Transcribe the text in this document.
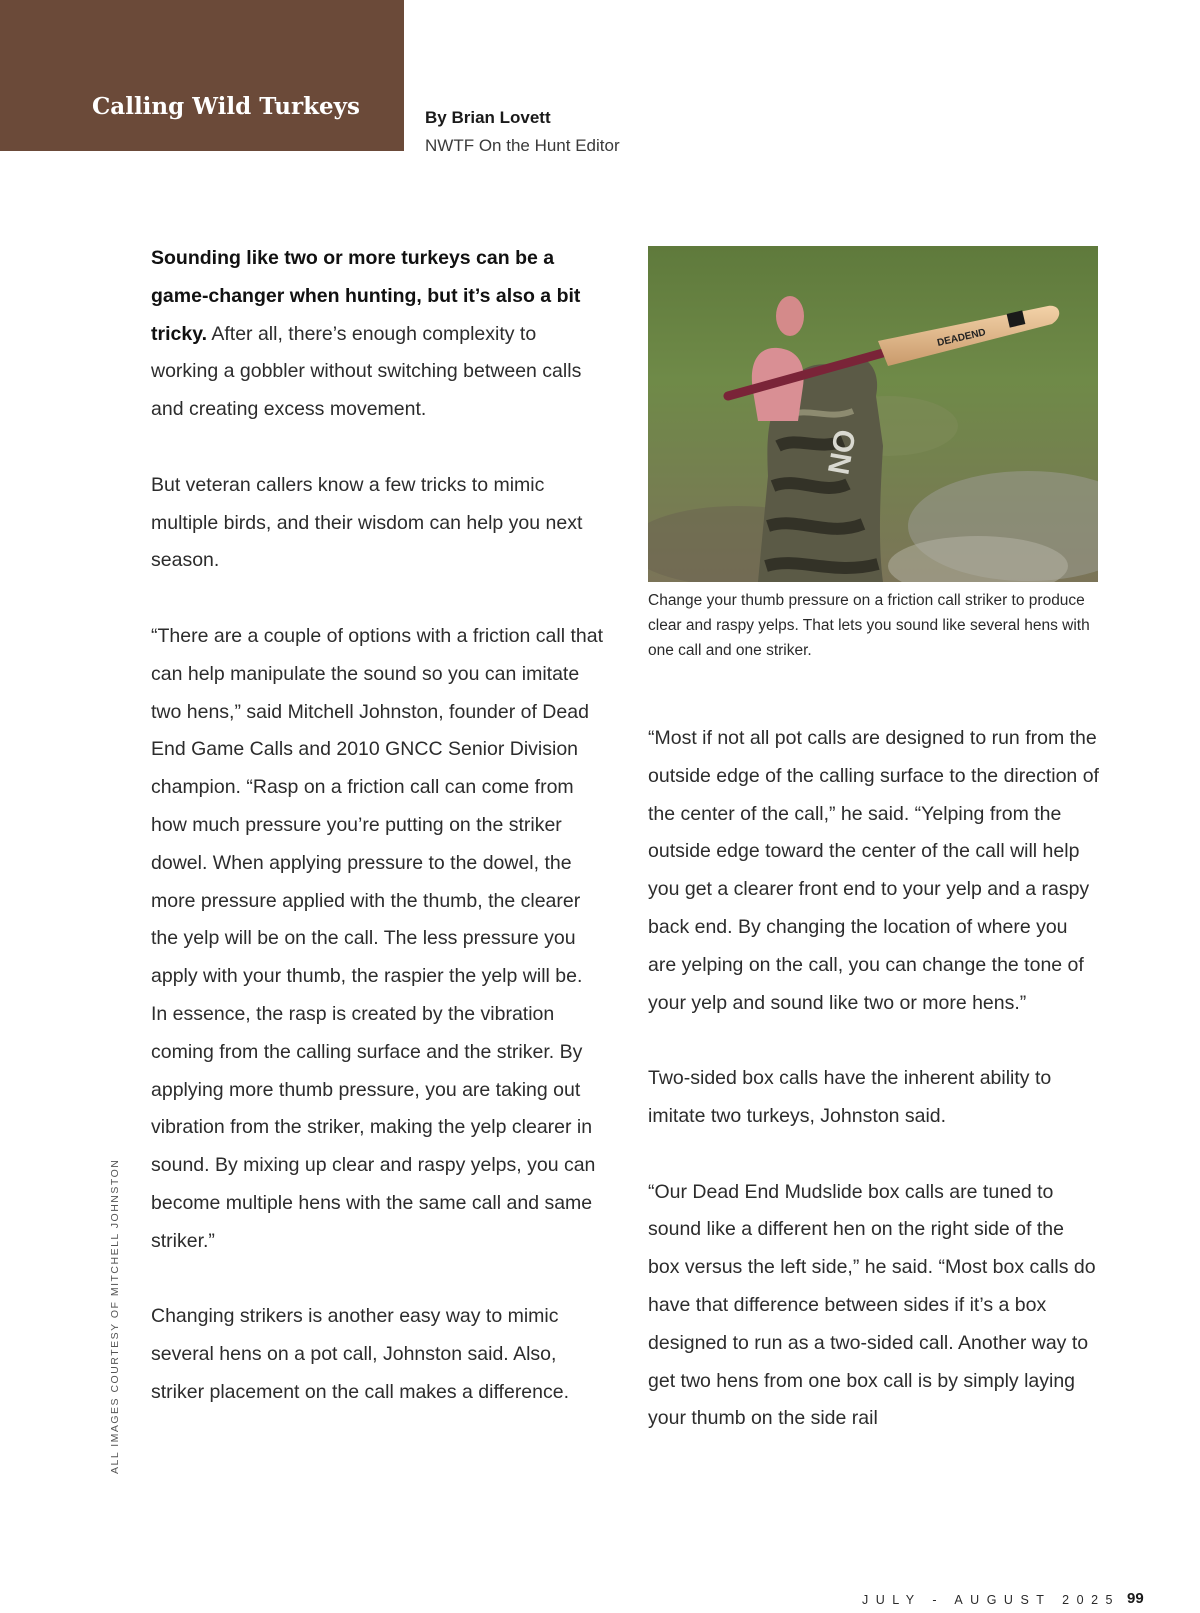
Calling Wild Turkeys	By Brian Lovett
NWTF On the Hunt Editor

Sounding like two or more turkeys can be a game-changer when hunting, but it’s also a bit tricky. After all, there’s enough complexity to working a gobbler without switching between calls and creating excess movement.

But veteran callers know a few tricks to mimic multiple birds, and their wisdom can help you next season.

“There are a couple of options with a friction call that can help manipulate the sound so you can imitate two hens,” said Mitchell Johnston, founder of Dead End Game Calls and 2010 GNCC Senior Division champion. “Rasp on a friction call can come from how much pressure you’re putting on the striker dowel. When applying pressure to the dowel, the more pressure applied with the thumb, the clearer the yelp will be on the call. The less pressure you apply with your thumb, the raspier the yelp will be. In essence, the rasp is created by the vibration coming from the calling surface and the striker. By applying more thumb pressure, you are taking out vibration from the striker, making the yelp clearer in sound. By mixing up clear and raspy yelps, you can become multiple hens with the same call and same striker.”

Changing strikers is another easy way to mimic several hens on a pot call, Johnston said. Also, striker placement on the call makes a difference.

NO
DEADEND
Change your thumb pressure on a friction call striker to produce clear and raspy yelps. That lets you sound like several hens with one call and one striker.

“Most if not all pot calls are designed to run from the outside edge of the calling surface to the direction of the center of the call,” he said. “Yelping from the outside edge toward the center of the call will help you get a clearer front end to your yelp and a raspy back end. By changing the location of where you are yelping on the call, you can change the tone of your yelp and sound like two or more hens.”

Two-sided box calls have the inherent ability to imitate two turkeys, Johnston said.

“Our Dead End Mudslide box calls are tuned to sound like a different hen on the right side of the box versus the left side,” he said. “Most box calls do have that difference between sides if it’s a box designed to run as a two-sided call. Another way to get two hens from one box call is by simply laying your thumb on the side rail

ALL IMAGES COURTESY OF MITCHELL JOHNSTON
JULY - AUGUST 2025 99
